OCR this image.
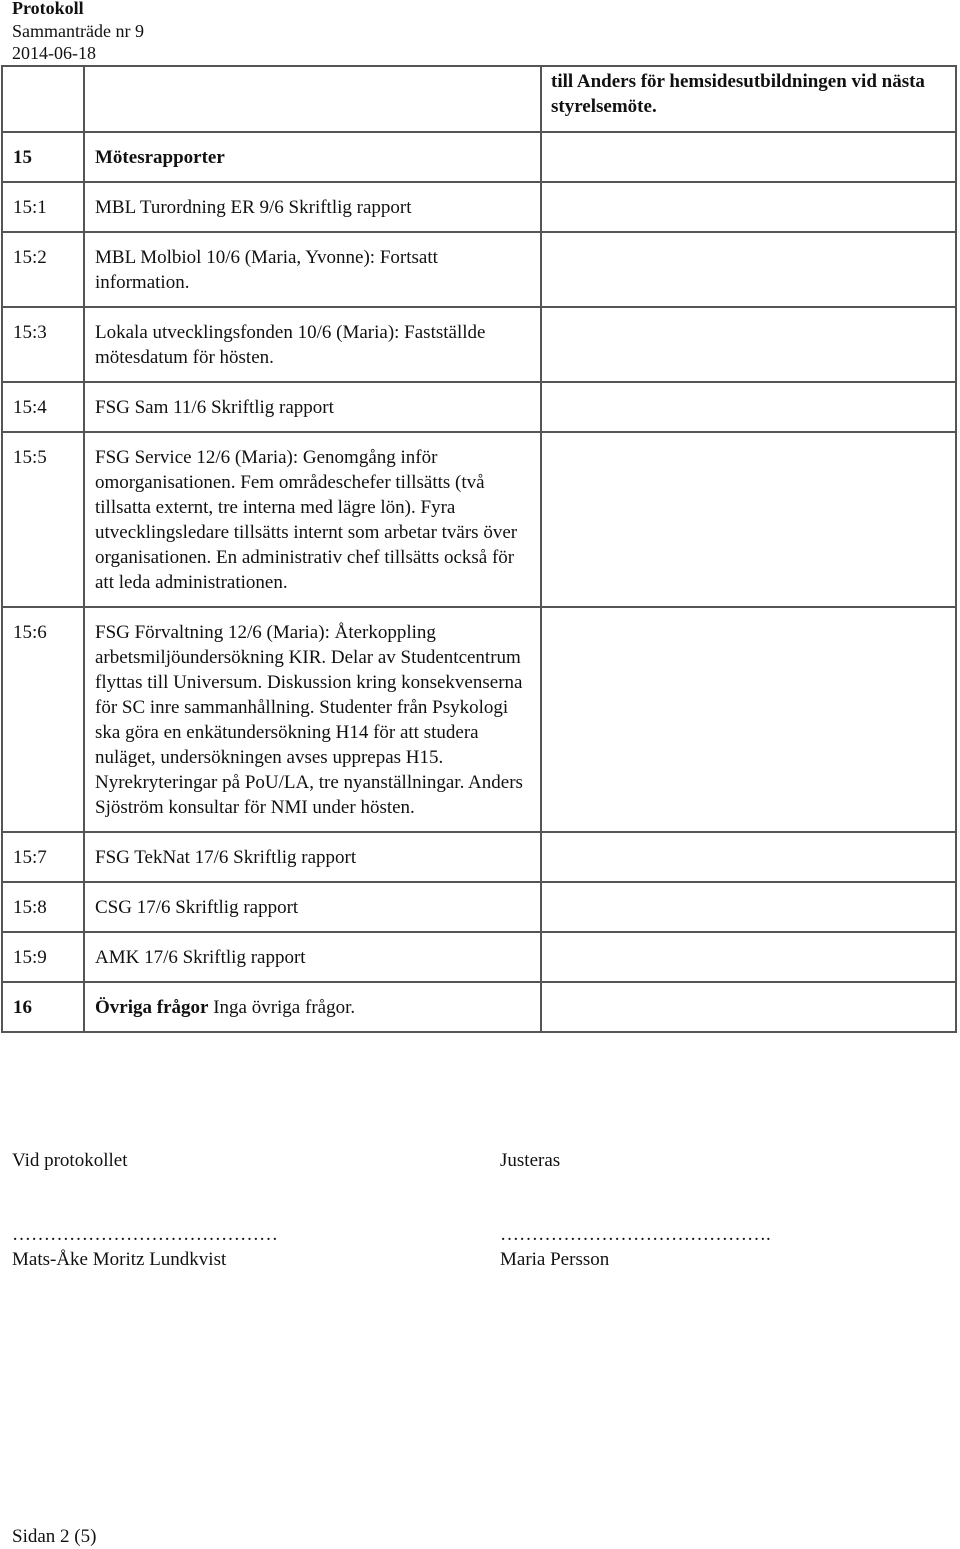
Protokoll
Sammanträde nr 9
2014-06-18
		till Anders för hemsidesutbildningen vid nästa styrelsemöte.
15	Mötesrapporter	
15:1	MBL Turordning ER 9/6 Skriftlig rapport	
15:2	MBL Molbiol 10/6 (Maria, Yvonne): Fortsatt information.	
15:3	Lokala utvecklingsfonden 10/6 (Maria): Fastställde mötesdatum för hösten.	
15:4	FSG Sam 11/6 Skriftlig rapport	
15:5	FSG Service 12/6 (Maria): Genomgång inför omorganisationen. Fem områdeschefer tillsätts (två tillsatta externt, tre interna med lägre lön). Fyra utvecklingsledare tillsätts internt som arbetar tvärs över organisationen. En administrativ chef tillsätts också för att leda administrationen.	
15:6	FSG Förvaltning 12/6 (Maria): Återkoppling arbetsmiljöundersökning KIR. Delar av Studentcentrum flyttas till Universum. Diskussion kring konsekvenserna för SC inre sammanhållning. Studenter från Psykologi ska göra en enkätundersökning H14 för att studera nuläget, undersökningen avses upprepas H15. Nyrekryteringar på PoU/LA, tre nyanställningar. Anders Sjöström konsultar för NMI under hösten.	
15:7	FSG TekNat 17/6 Skriftlig rapport	
15:8	CSG 17/6 Skriftlig rapport	
15:9	AMK 17/6 Skriftlig rapport	
16	Övriga frågor Inga övriga frågor.	
Vid protokollet	Justeras
……………………………………	…………………………………….
Mats-Åke Moritz Lundkvist	Maria Persson
Sidan 2 (5)
